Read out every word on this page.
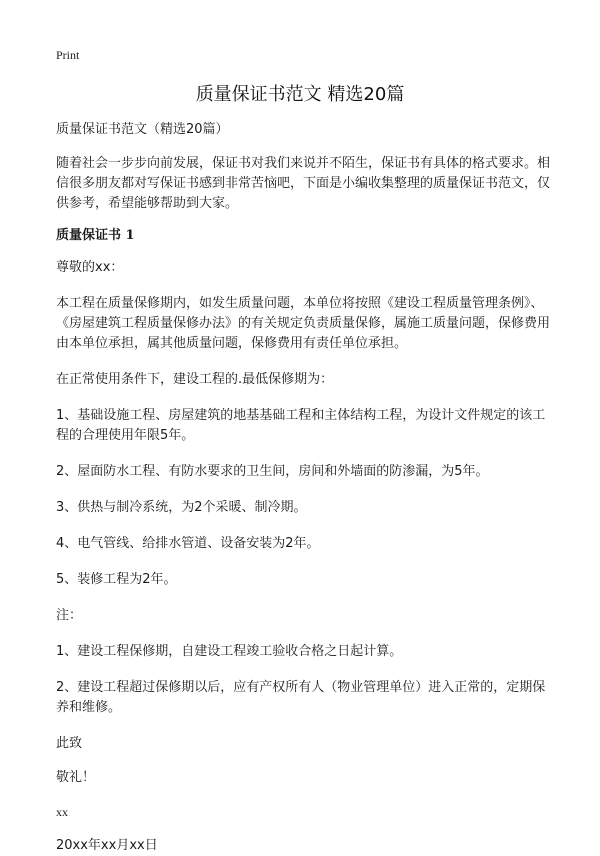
Print
质量保证书范文 精选20篇

质量保证书范文（精选20篇）

随着社会一步步向前发展，保证书对我们来说并不陌生，保证书有具体的格式要求。相信很多朋友都对写保证书感到非常苦恼吧，下面是小编收集整理的质量保证书范文，仅供参考，希望能够帮助到大家。

质量保证书 1

尊敬的xx：

本工程在质量保修期内，如发生质量问题，本单位将按照《建设工程质量管理条例》、《房屋建筑工程质量保修办法》的有关规定负责质量保修，属施工质量问题，保修费用由本单位承担，属其他质量问题，保修费用有责任单位承担。

在正常使用条件下，建设工程的.最低保修期为：

1、基础设施工程、房屋建筑的地基基础工程和主体结构工程，为设计文件规定的该工程的合理使用年限5年。

2、屋面防水工程、有防水要求的卫生间，房间和外墙面的防渗漏，为5年。

3、供热与制冷系统，为2个采暖、制冷期。

4、电气管线、给排水管道、设备安装为2年。

5、装修工程为2年。

注：

1、建设工程保修期，自建设工程竣工验收合格之日起计算。

2、建设工程超过保修期以后，应有产权所有人（物业管理单位）进入正常的，定期保养和维修。

此致

敬礼！

xx

20xx年xx月xx日
